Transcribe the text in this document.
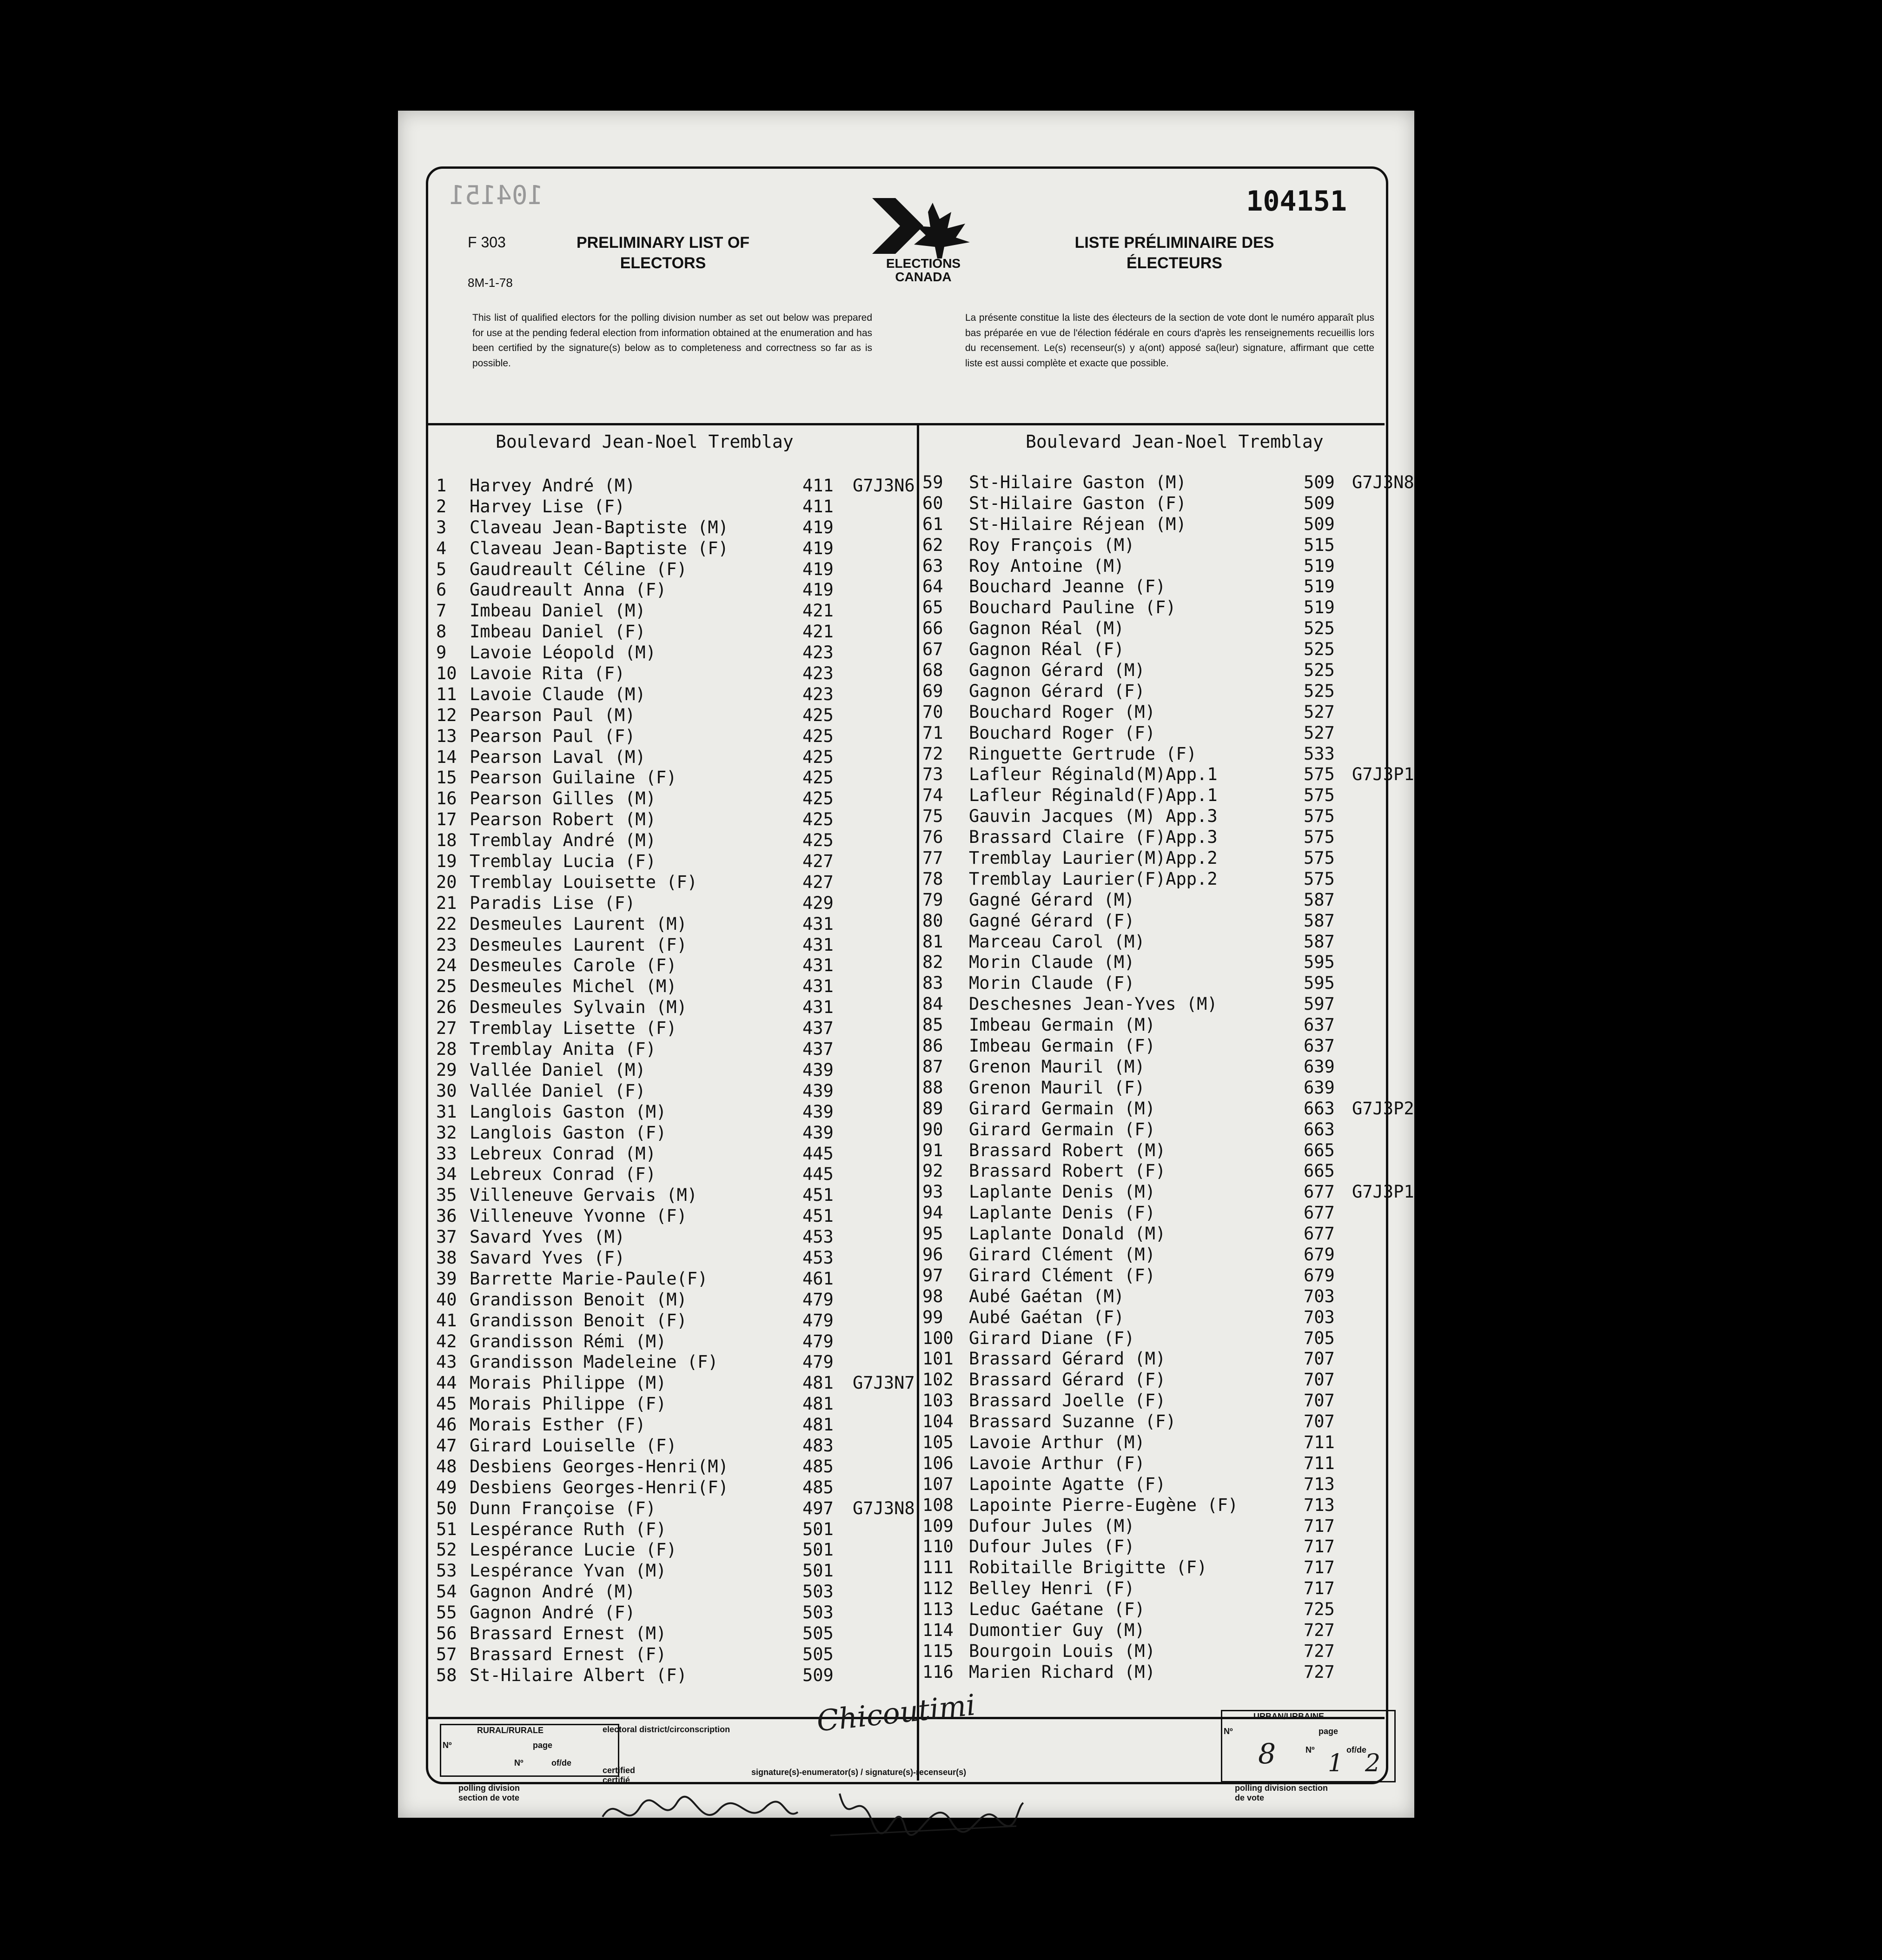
104151	104151
F 303
8M-1-78
PRELIMINARY LIST OF ELECTORS
LISTE PRÉLIMINAIRE DES ÉLECTEURS
ELECTIONS CANADA
This list of qualified electors for the polling division number as set out below was prepared for use at the pending federal election from information obtained at the enumeration and has been certified by the signature(s) below as to completeness and correctness so far as is possible.
La présente constitue la liste des électeurs de la section de vote dont le numéro apparaît plus bas préparée en vue de l'élection fédérale en cours d'après les renseignements recueillis lors du recensement. Le(s) recenseur(s) y a(ont) apposé sa(leur) signature, affirmant que cette liste est aussi complète et exacte que possible.
Boulevard Jean-Noel Tremblay	Boulevard Jean-Noel Tremblay
1 Harvey André (M)	411 G7J3N6
2 Harvey Lise (F)	411
3 Claveau Jean-Baptiste (M)	419
4 Claveau Jean-Baptiste (F)	419
5 Gaudreault Céline (F)	419
6 Gaudreault Anna (F)	419
7 Imbeau Daniel (M)	421
8 Imbeau Daniel (F)	421
9 Lavoie Léopold (M)	423
10 Lavoie Rita (F)	423
11 Lavoie Claude (M)	423
12 Pearson Paul (M)	425
13 Pearson Paul (F)	425
14 Pearson Laval (M)	425
15 Pearson Guilaine (F)	425
16 Pearson Gilles (M)	425
17 Pearson Robert (M)	425
18 Tremblay André (M)	425
19 Tremblay Lucia (F)	427
20 Tremblay Louisette (F)	427
21 Paradis Lise (F)	429
22 Desmeules Laurent (M)	431
23 Desmeules Laurent (F)	431
24 Desmeules Carole (F)	431
25 Desmeules Michel (M)	431
26 Desmeules Sylvain (M)	431
27 Tremblay Lisette (F)	437
28 Tremblay Anita (F)	437
29 Vallée Daniel (M)	439
30 Vallée Daniel (F)	439
31 Langlois Gaston (M)	439
32 Langlois Gaston (F)	439
33 Lebreux Conrad (M)	445
34 Lebreux Conrad (F)	445
35 Villeneuve Gervais (M)	451
36 Villeneuve Yvonne (F)	451
37 Savard Yves (M)	453
38 Savard Yves (F)	453
39 Barrette Marie-Paule(F)	461
40 Grandisson Benoit (M)	479
41 Grandisson Benoit (F)	479
42 Grandisson Rémi (M)	479
43 Grandisson Madeleine (F)	479
44 Morais Philippe (M)	481 G7J3N7
45 Morais Philippe (F)	481
46 Morais Esther (F)	481
47 Girard Louiselle (F)	483
48 Desbiens Georges-Henri(M)	485
49 Desbiens Georges-Henri(F)	485
50 Dunn Françoise (F)	497 G7J3N8
51 Lespérance Ruth (F)	501
52 Lespérance Lucie (F)	501
53 Lespérance Yvan (M)	501
54 Gagnon André (M)	503
55 Gagnon André (F)	503
56 Brassard Ernest (M)	505
57 Brassard Ernest (F)	505
58 St-Hilaire Albert (F)	509
59 St-Hilaire Gaston (M)	509 G7J3N8
60 St-Hilaire Gaston (F)	509
61 St-Hilaire Réjean (M)	509
62 Roy François (M)	515
63 Roy Antoine (M)	519
64 Bouchard Jeanne (F)	519
65 Bouchard Pauline (F)	519
66 Gagnon Réal (M)	525
67 Gagnon Réal (F)	525
68 Gagnon Gérard (M)	525
69 Gagnon Gérard (F)	525
70 Bouchard Roger (M)	527
71 Bouchard Roger (F)	527
72 Ringuette Gertrude (F)	533
73 Lafleur Réginald(M)App.1	575 G7J3P1
74 Lafleur Réginald(F)App.1	575
75 Gauvin Jacques (M) App.3	575
76 Brassard Claire (F)App.3	575
77 Tremblay Laurier(M)App.2	575
78 Tremblay Laurier(F)App.2	575
79 Gagné Gérard (M)	587
80 Gagné Gérard (F)	587
81 Marceau Carol (M)	587
82 Morin Claude (M)	595
83 Morin Claude (F)	595
84 Deschesnes Jean-Yves (M)	597
85 Imbeau Germain (M)	637
86 Imbeau Germain (F)	637
87 Grenon Mauril (M)	639
88 Grenon Mauril (F)	639
89 Girard Germain (M)	663 G7J3P2
90 Girard Germain (F)	663
91 Brassard Robert (M)	665
92 Brassard Robert (F)	665
93 Laplante Denis (M)	677 G7J3P1
94 Laplante Denis (F)	677
95 Laplante Donald (M)	677
96 Girard Clément (M)	679
97 Girard Clément (F)	679
98 Aubé Gaétan (M)	703
99 Aubé Gaétan (F)	703
100 Girard Diane (F)	705
101 Brassard Gérard (M)	707
102 Brassard Gérard (F)	707
103 Brassard Joelle (F)	707
104 Brassard Suzanne (F)	707
105 Lavoie Arthur (M)	711
106 Lavoie Arthur (F)	711
107 Lapointe Agatte (F)	713
108 Lapointe Pierre-Eugène (F)	713
109 Dufour Jules (M)	717
110 Dufour Jules (F)	717
111 Robitaille Brigitte (F)	717
112 Belley Henri (F)	717
113 Leduc Gaétane (F)	725
114 Dumontier Guy (M)	727
115 Bourgoin Louis (M)	727
116 Marien Richard (M)	727
RURAL/RURALE
Nº	page
Nº	of/de
polling division section de vote
electoral district/circonscription	Chicoutimi
certified certifié
signature(s)-enumerator(s) / signature(s)-recenseur(s)
URBAN/URBAINE
Nº	page
Nº	of/de
8 1 2
polling division section de vote
